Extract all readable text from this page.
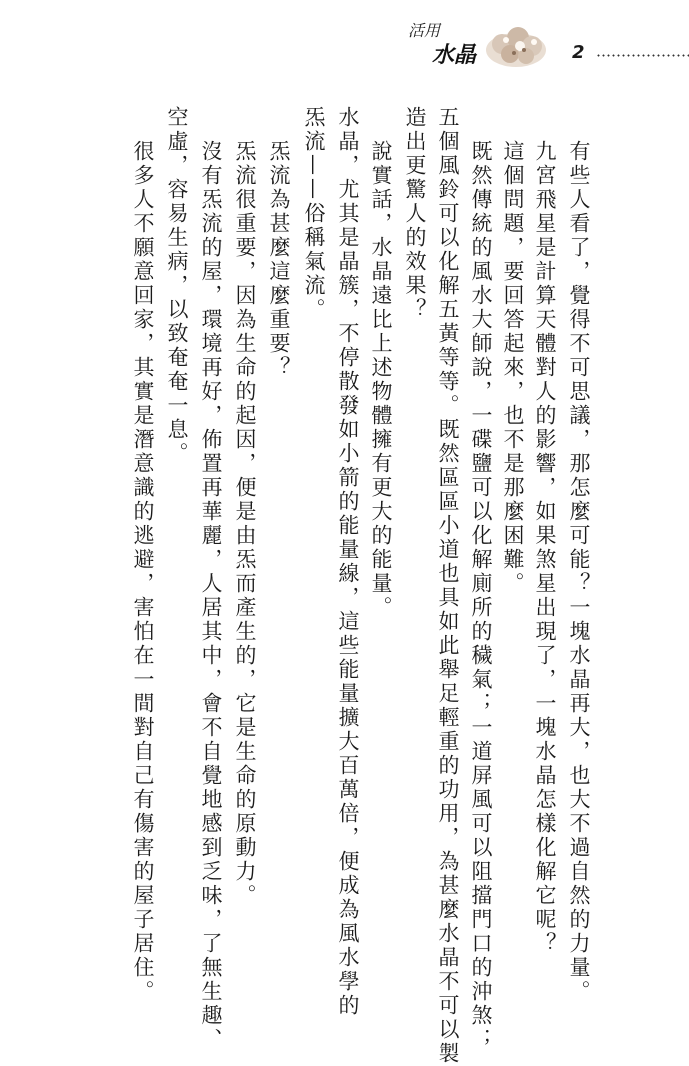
活用
水晶	2
有些人看了，覺得不可思議，那怎麼可能？一塊水晶再大，也大不過自然的力量。
九宮飛星是計算天體對人的影響，如果煞星出現了，一塊水晶怎樣化解它呢？
這個問題，要回答起來，也不是那麼困難。
既然傳統的風水大師說，一碟鹽可以化解廁所的穢氣；一道屏風可以阻擋門口的沖煞；
五個風鈴可以化解五黃等等。既然區區小道也具如此舉足輕重的功用，為甚麼水晶不可以製
造出更驚人的效果？
說實話，水晶遠比上述物體擁有更大的能量。
水晶，尤其是晶簇，不停散發如小箭的能量線，這些能量擴大百萬倍，便成為風水學的
炁流——俗稱氣流。
炁流為甚麼這麼重要？
炁流很重要，因為生命的起因，便是由炁而產生的，它是生命的原動力。
沒有炁流的屋，環境再好，佈置再華麗，人居其中，會不自覺地感到乏味，了無生趣、
空虛，容易生病，以致奄奄一息。
很多人不願意回家，其實是潛意識的逃避，害怕在一間對自己有傷害的屋子居住。
